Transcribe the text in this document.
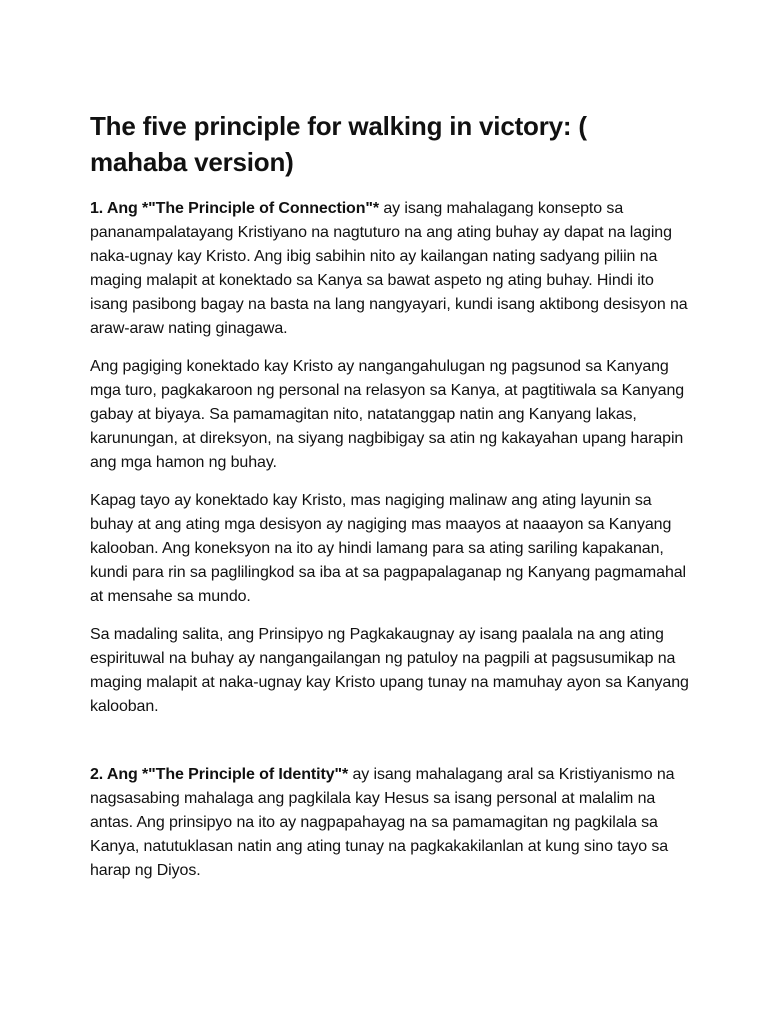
The five principle for walking in victory: ( mahaba version)

1. Ang *"The Principle of Connection"* ay isang mahalagang konsepto sa pananampalatayang Kristiyano na nagtuturo na ang ating buhay ay dapat na laging naka-ugnay kay Kristo. Ang ibig sabihin nito ay kailangan nating sadyang piliin na maging malapit at konektado sa Kanya sa bawat aspeto ng ating buhay. Hindi ito isang pasibong bagay na basta na lang nangyayari, kundi isang aktibong desisyon na araw-araw nating ginagawa.

Ang pagiging konektado kay Kristo ay nangangahulugan ng pagsunod sa Kanyang mga turo, pagkakaroon ng personal na relasyon sa Kanya, at pagtitiwala sa Kanyang gabay at biyaya. Sa pamamagitan nito, natatanggap natin ang Kanyang lakas, karunungan, at direksyon, na siyang nagbibigay sa atin ng kakayahan upang harapin ang mga hamon ng buhay.

Kapag tayo ay konektado kay Kristo, mas nagiging malinaw ang ating layunin sa buhay at ang ating mga desisyon ay nagiging mas maayos at naaayon sa Kanyang kalooban. Ang koneksyon na ito ay hindi lamang para sa ating sariling kapakanan, kundi para rin sa paglilingkod sa iba at sa pagpapalaganap ng Kanyang pagmamahal at mensahe sa mundo.

Sa madaling salita, ang Prinsipyo ng Pagkakaugnay ay isang paalala na ang ating espirituwal na buhay ay nangangailangan ng patuloy na pagpili at pagsusumikap na maging malapit at naka-ugnay kay Kristo upang tunay na mamuhay ayon sa Kanyang kalooban.

2. Ang *"The Principle of Identity"* ay isang mahalagang aral sa Kristiyanismo na nagsasabing mahalaga ang pagkilala kay Hesus sa isang personal at malalim na antas. Ang prinsipyo na ito ay nagpapahayag na sa pamamagitan ng pagkilala sa Kanya, natutuklasan natin ang ating tunay na pagkakakilanlan at kung sino tayo sa harap ng Diyos.
